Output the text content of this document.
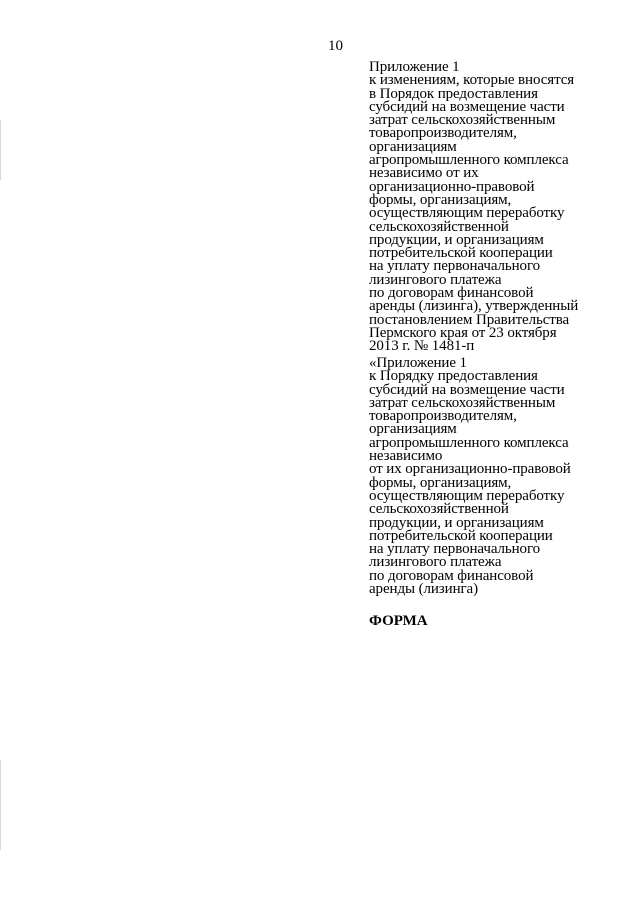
10
Приложение 1
к изменениям, которые вносятся
в Порядок предоставления
субсидий на возмещение части
затрат сельскохозяйственным
товаропроизводителям,
организациям
агропромышленного комплекса
независимо от их
организационно-правовой
формы, организациям,
осуществляющим переработку
сельскохозяйственной
продукции, и организациям
потребительской кооперации
на уплату первоначального
лизингового платежа
по договорам финансовой
аренды (лизинга), утвержденный
постановлением Правительства
Пермского края от 23 октября
2013 г. № 1481-п
«Приложение 1
к Порядку предоставления
субсидий на возмещение части
затрат сельскохозяйственным
товаропроизводителям,
организациям
агропромышленного комплекса
независимо
от их организационно-правовой
формы, организациям,
осуществляющим переработку
сельскохозяйственной
продукции, и организациям
потребительской кооперации
на уплату первоначального
лизингового платежа
по договорам финансовой
аренды (лизинга)
ФОРМА
